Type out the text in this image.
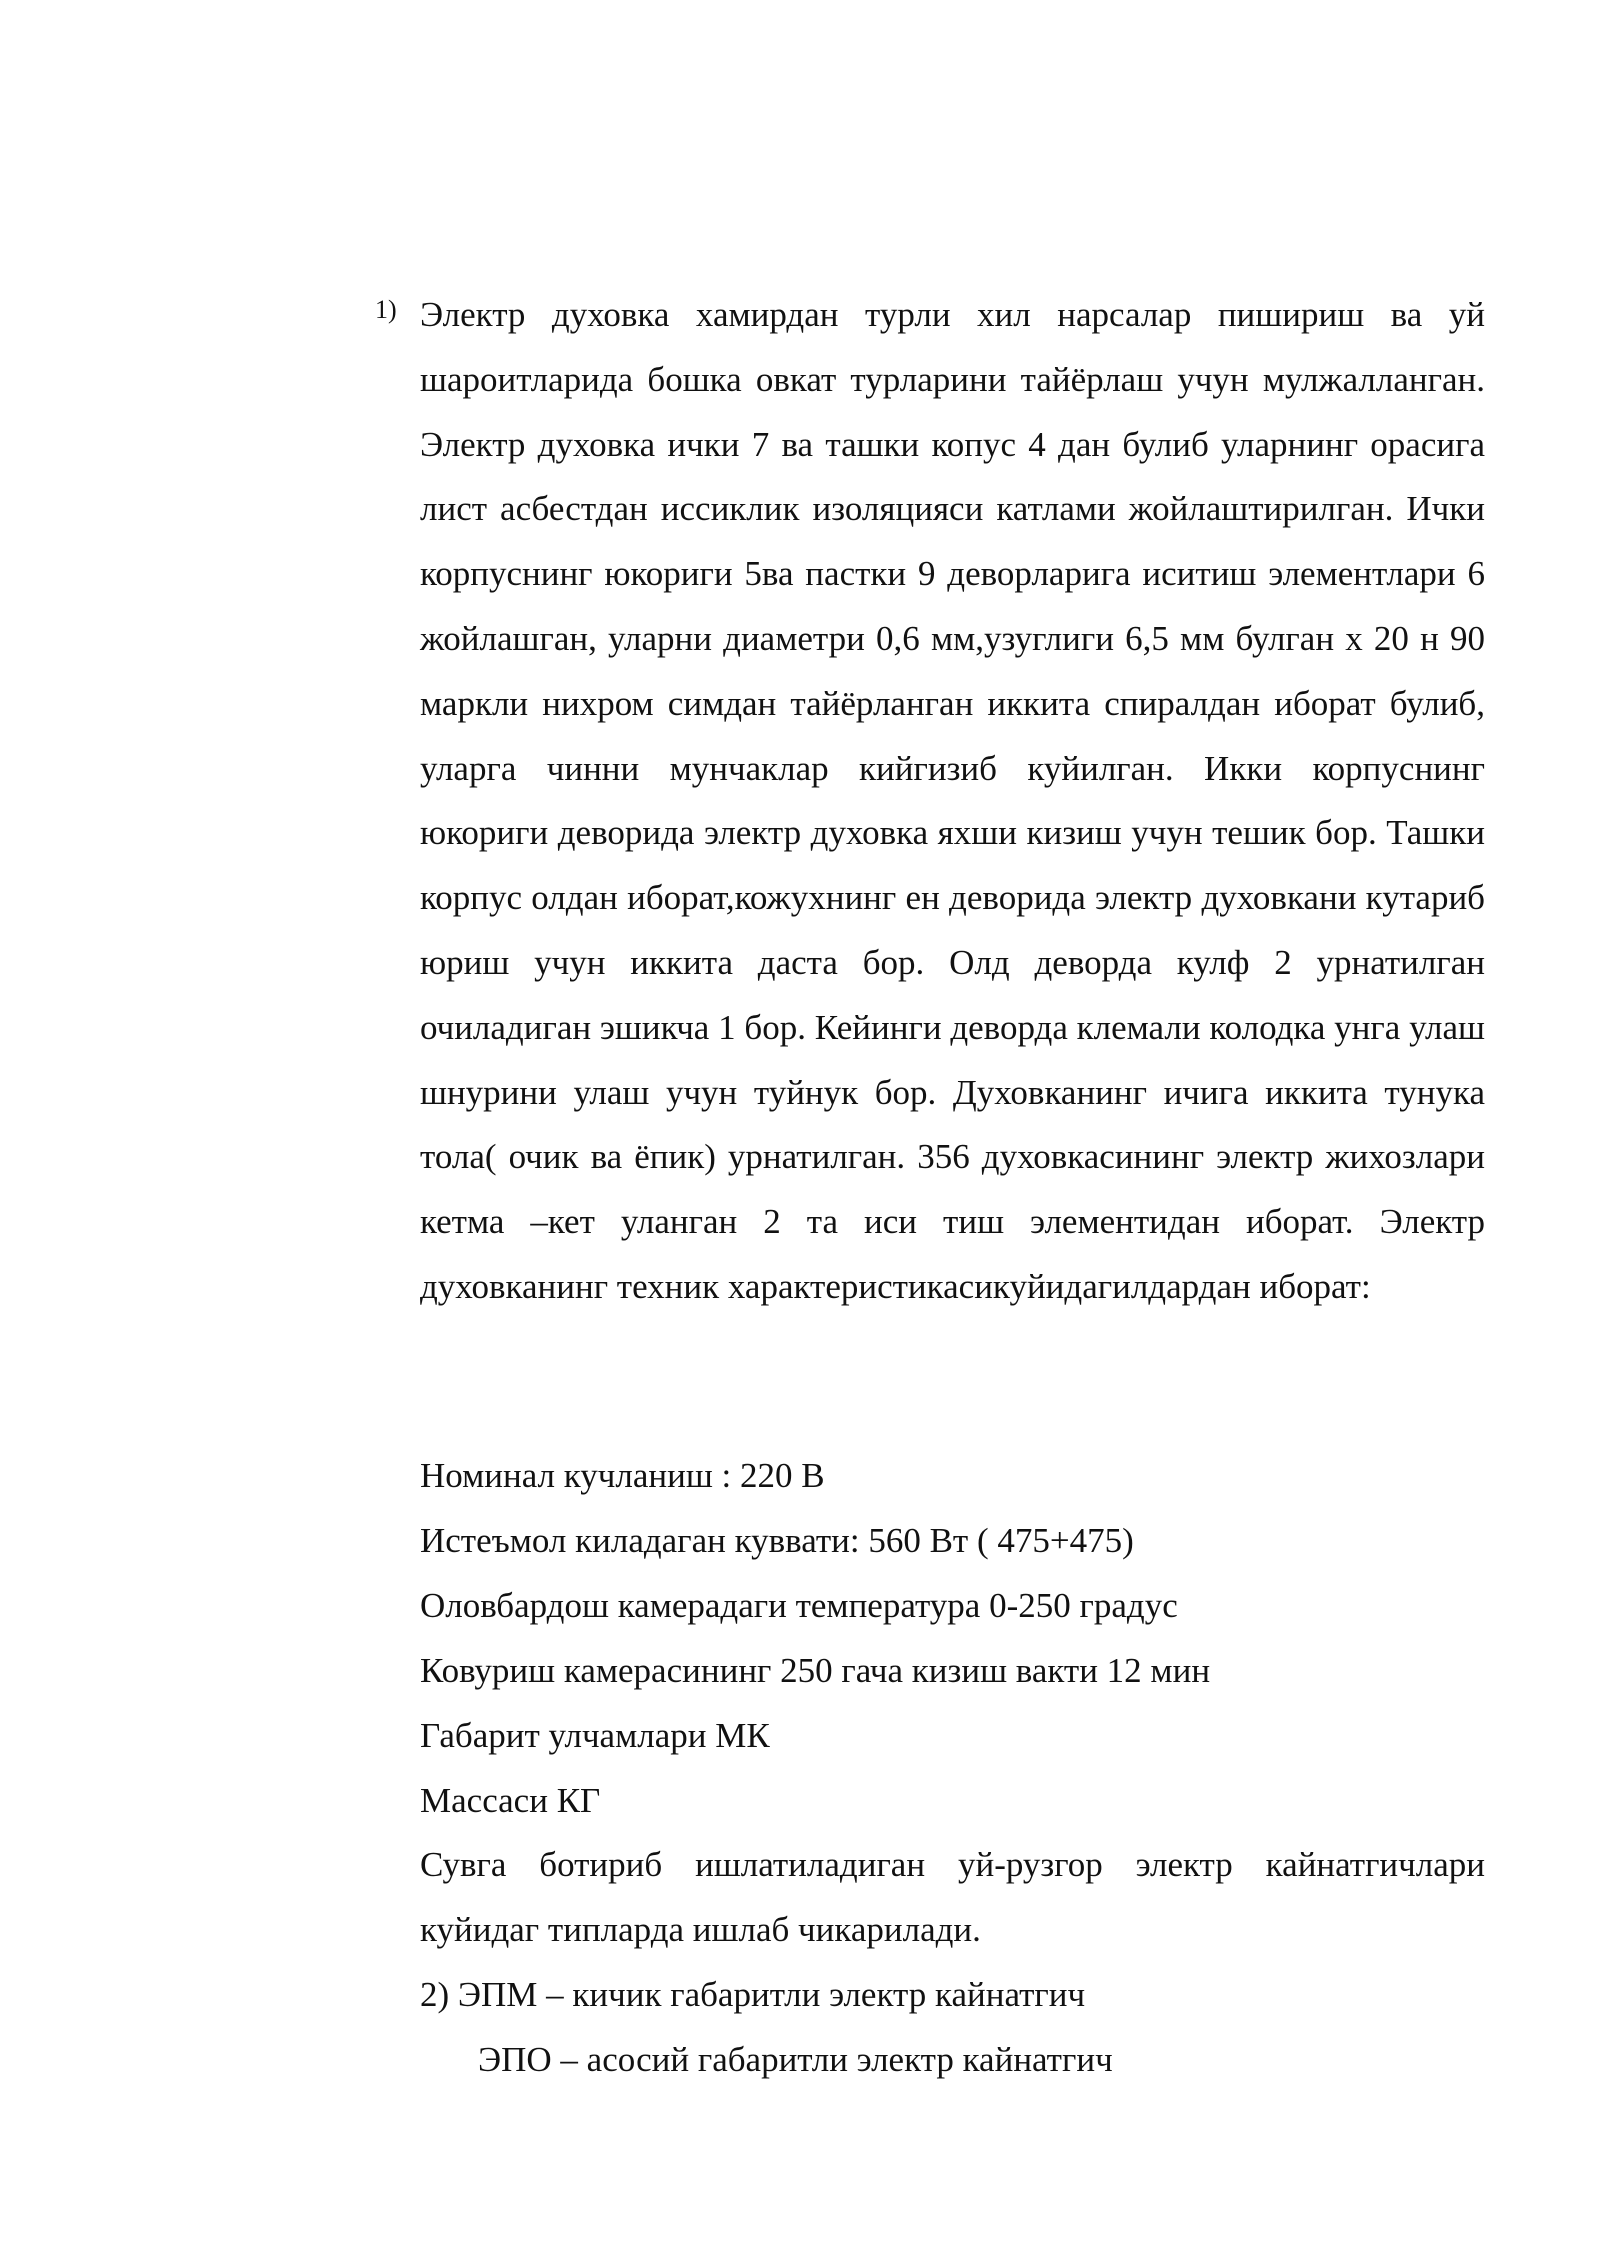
1) Электр духовка хамирдан турли хил нарсалар пишириш ва уй шароитларида бошка овкат турларини тайёрлаш учун мулжалланган. Электр духовка ички 7 ва ташки копус 4 дан булиб уларнинг орасига лист асбестдан иссиклик изоляцияси катлами жойлаштирилган. Ички корпуснинг юкориги 5ва пастки 9 деворларига иситиш элементлари 6 жойлашган, уларни диаметри 0,6 мм,узуглиги 6,5 мм булган х 20 н 90 маркли нихром симдан тайёрланган иккита спиралдан иборат булиб, уларга чинни мунчаклар кийгизиб куйилган. Икки корпуснинг юкориги деворида электр духовка яхши кизиш учун тешик бор. Ташки корпус олдан иборат,кожухнинг ен деворида электр духовкани кутариб юриш учун иккита даста бор. Олд деворда кулф 2 урнатилган очиладиган эшикча 1 бор. Кейинги деворда клемали колодка унга улаш шнурини улаш учун туйнук бор. Духовканинг ичига иккита тунука тола( очик ва ёпик) урнатилган. 356 духовкасининг электр жихозлари кетма –кет уланган 2 та иси тиш элементидан иборат. Электр духовканинг техник характеристикасикуйидагилдардан иборат:

Номинал кучланиш : 220 В
Истеъмол киладаган куввати: 560 Вт ( 475+475)
Оловбардош камерадаги температура 0-250 градус
Ковуриш камерасининг 250 гача кизиш вакти 12 мин
Габарит улчамлари МК
Массаси КГ

Сувга ботириб ишлатиладиган уй-рузгор электр кайнатгичлари куйидаг типларда ишлаб чикарилади.

2) ЭПМ – кичик габаритли электр кайнатгич

ЭПО – асосий габаритли электр кайнатгич
